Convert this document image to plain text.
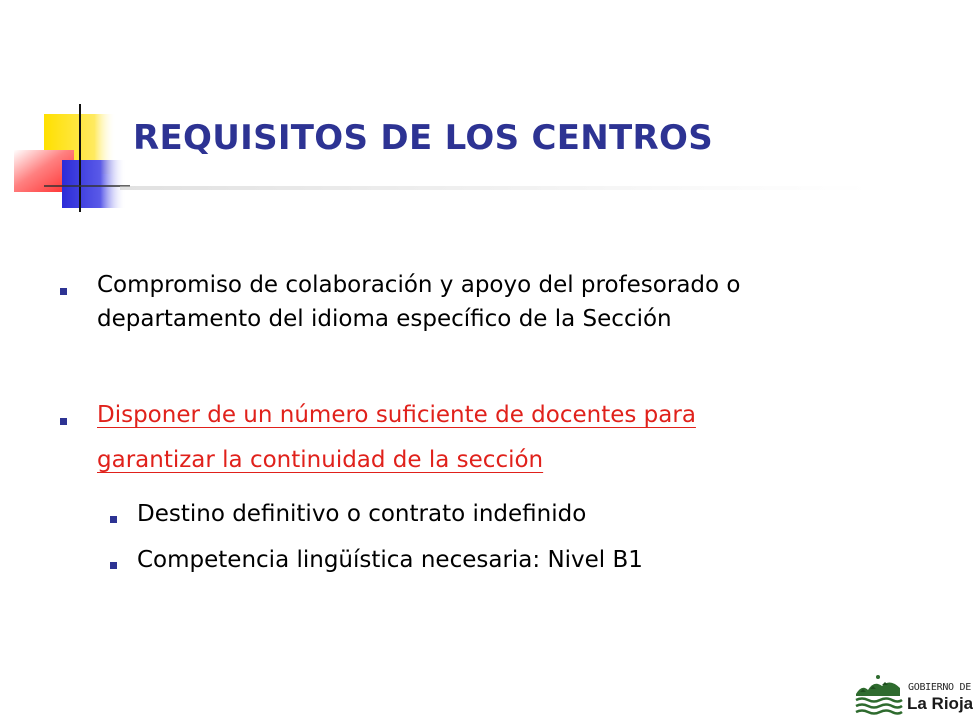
REQUISITOS DE LOS CENTROS
Compromiso de colaboración y apoyo del profesorado o
departamento del idioma específico de la Sección
Disponer de un número suficiente de docentes para
garantizar la continuidad de la sección
Destino definitivo o contrato indefinido
Competencia lingüística necesaria: Nivel B1
GOBIERNO DE
La Rioja
